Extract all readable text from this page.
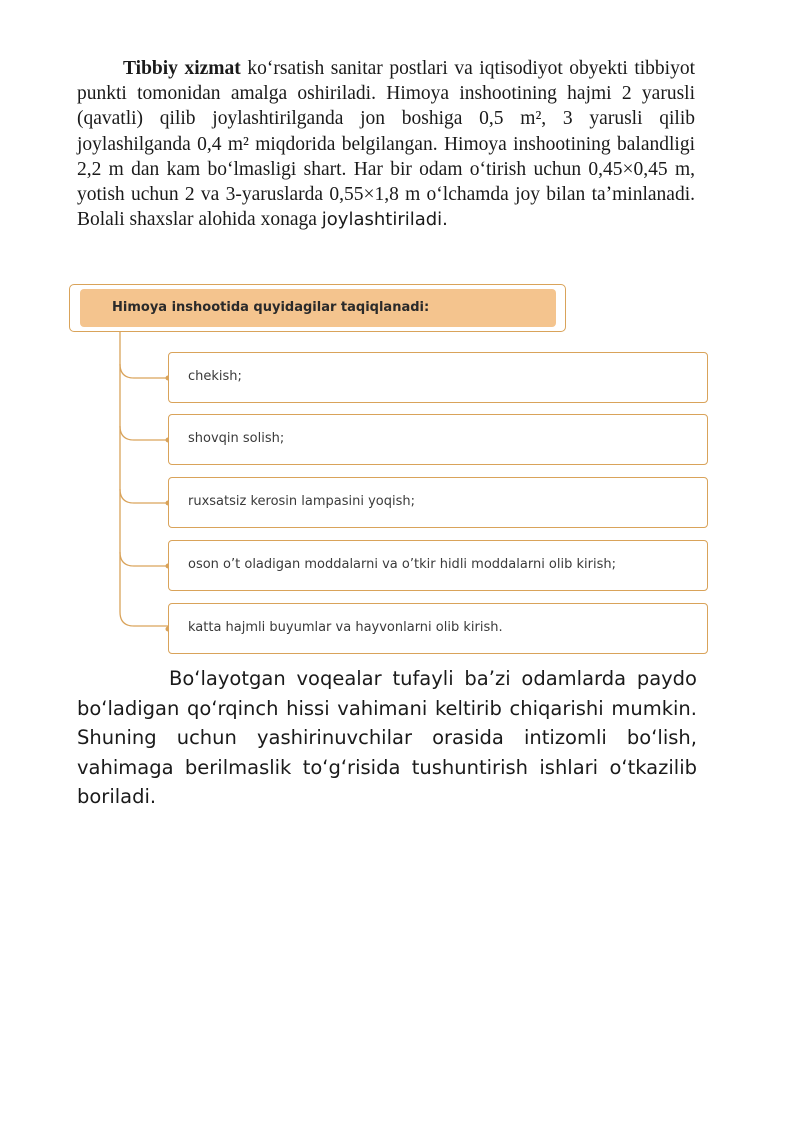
Tibbiy xizmat koʻrsatish sanitar postlari va iqtisodiyot obyekti tibbiyot punkti tomonidan amalga oshiriladi. Himoya inshootining hajmi 2 yarusli (qavatli) qilib joylashtirilganda jon boshiga 0,5 m², 3 yarusli qilib joylashilganda 0,4 m² miqdorida belgilangan. Himoya inshootining balandligi 2,2 m dan kam boʻlmasligi shart. Har bir odam oʻtirish uchun 0,45×0,45 m, yotish uchun 2 va 3-yaruslarda 0,55×1,8 m oʻlchamda joy bilan taʼminlanadi. Bolali shaxslar alohida xonaga joylashtiriladi.
Himoya inshootida quyidagilar taqiqlanadi:
chekish;
shovqin solish;
ruxsatsiz kerosin lampasini yoqish;
oson o’t oladigan moddalarni va o’tkir hidli moddalarni olib kirish;
katta hajmli buyumlar va hayvonlarni olib kirish.
Bo‘layotgan voqealar tufayli ba’zi odamlarda paydo bo‘ladigan qo‘rqinch hissi vahimani keltirib chiqarishi mumkin. Shuning uchun yashirinuvchilar orasida intizomli bo‘lish, vahimaga berilmaslik to‘g‘risida tushuntirish ishlari o‘tkazilib boriladi.
